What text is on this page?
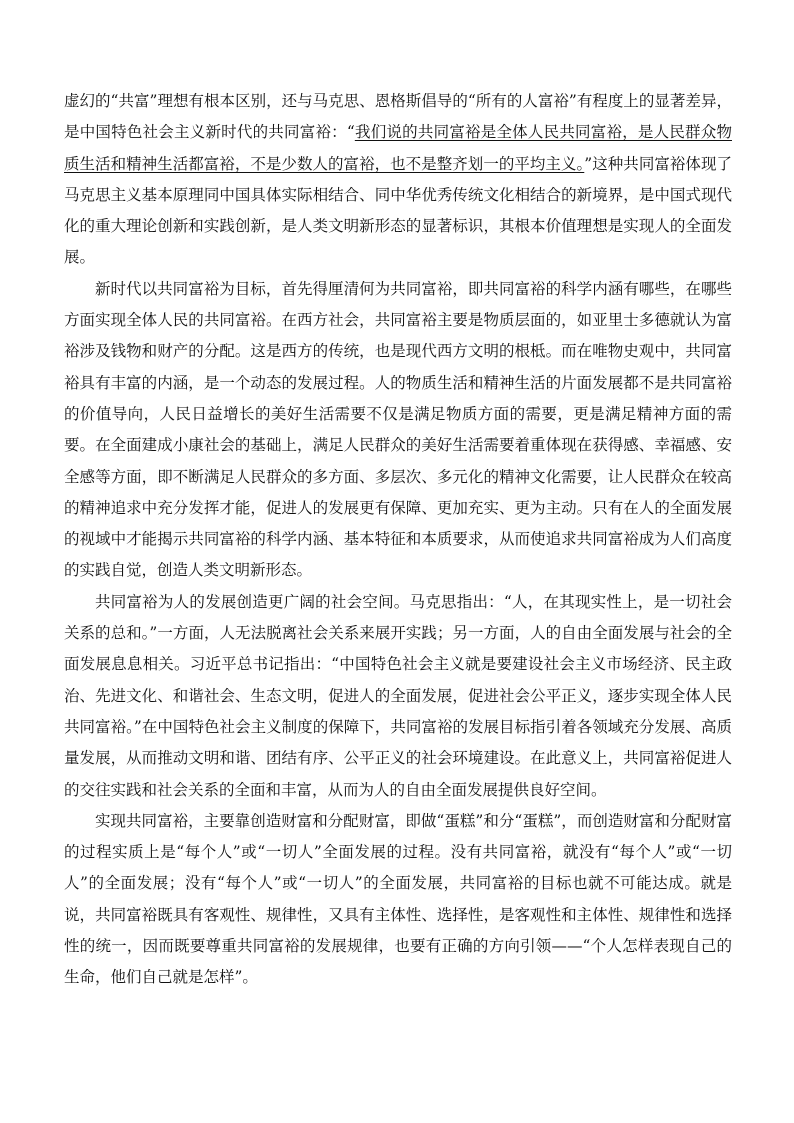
虚幻的“共富”理想有根本区别，还与马克思、恩格斯倡导的“所有的人富裕”有程度上的显著差异，是中国特色社会主义新时代的共同富裕：“我们说的共同富裕是全体人民共同富裕，是人民群众物质生活和精神生活都富裕，不是少数人的富裕，也不是整齐划一的平均主义。”这种共同富裕体现了马克思主义基本原理同中国具体实际相结合、同中华优秀传统文化相结合的新境界，是中国式现代化的重大理论创新和实践创新，是人类文明新形态的显著标识，其根本价值理想是实现人的全面发展。

新时代以共同富裕为目标，首先得厘清何为共同富裕，即共同富裕的科学内涵有哪些，在哪些方面实现全体人民的共同富裕。在西方社会，共同富裕主要是物质层面的，如亚里士多德就认为富裕涉及钱物和财产的分配。这是西方的传统，也是现代西方文明的根柢。而在唯物史观中，共同富裕具有丰富的内涵，是一个动态的发展过程。人的物质生活和精神生活的片面发展都不是共同富裕的价值导向，人民日益增长的美好生活需要不仅是满足物质方面的需要，更是满足精神方面的需要。在全面建成小康社会的基础上，满足人民群众的美好生活需要着重体现在获得感、幸福感、安全感等方面，即不断满足人民群众的多方面、多层次、多元化的精神文化需要，让人民群众在较高的精神追求中充分发挥才能，促进人的发展更有保障、更加充实、更为主动。只有在人的全面发展的视域中才能揭示共同富裕的科学内涵、基本特征和本质要求，从而使追求共同富裕成为人们高度的实践自觉，创造人类文明新形态。

共同富裕为人的发展创造更广阔的社会空间。马克思指出：“人，在其现实性上，是一切社会关系的总和。”一方面，人无法脱离社会关系来展开实践；另一方面，人的自由全面发展与社会的全面发展息息相关。习近平总书记指出：“中国特色社会主义就是要建设社会主义市场经济、民主政治、先进文化、和谐社会、生态文明，促进人的全面发展，促进社会公平正义，逐步实现全体人民共同富裕。”在中国特色社会主义制度的保障下，共同富裕的发展目标指引着各领域充分发展、高质量发展，从而推动文明和谐、团结有序、公平正义的社会环境建设。在此意义上，共同富裕促进人的交往实践和社会关系的全面和丰富，从而为人的自由全面发展提供良好空间。

实现共同富裕，主要靠创造财富和分配财富，即做“蛋糕”和分“蛋糕”，而创造财富和分配财富的过程实质上是“每个人”或“一切人”全面发展的过程。没有共同富裕，就没有“每个人”或“一切人”的全面发展；没有“每个人”或“一切人”的全面发展，共同富裕的目标也就不可能达成。就是说，共同富裕既具有客观性、规律性，又具有主体性、选择性，是客观性和主体性、规律性和选择性的统一，因而既要尊重共同富裕的发展规律，也要有正确的方向引领——“个人怎样表现自己的生命，他们自己就是怎样”。
